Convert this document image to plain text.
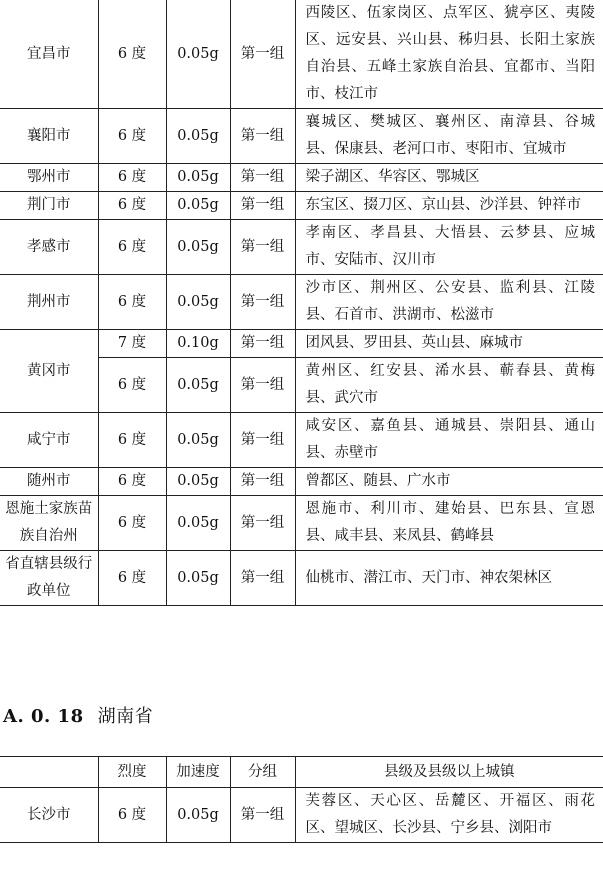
宜昌市	6 度	0.05g	第一组	西陵区、伍家岗区、点军区、猇亭区、夷陵区、远安县、兴山县、秭归县、长阳土家族自治县、五峰土家族自治县、宜都市、当阳市、枝江市
襄阳市	6 度	0.05g	第一组	襄城区、樊城区、襄州区、南漳县、谷城县、保康县、老河口市、枣阳市、宜城市
鄂州市	6 度	0.05g	第一组	梁子湖区、华容区、鄂城区
荆门市	6 度	0.05g	第一组	东宝区、掇刀区、京山县、沙洋县、钟祥市
孝感市	6 度	0.05g	第一组	孝南区、孝昌县、大悟县、云梦县、应城市、安陆市、汉川市
荆州市	6 度	0.05g	第一组	沙市区、荆州区、公安县、监利县、江陵县、石首市、洪湖市、松滋市
黄冈市	7 度	0.10g	第一组	团风县、罗田县、英山县、麻城市
	6 度	0.05g	第一组	黄州区、红安县、浠水县、蕲春县、黄梅县、武穴市
咸宁市	6 度	0.05g	第一组	咸安区、嘉鱼县、通城县、崇阳县、通山县、赤壁市
随州市	6 度	0.05g	第一组	曾都区、随县、广水市
恩施土家族苗族自治州	6 度	0.05g	第一组	恩施市、利川市、建始县、巴东县、宣恩县、咸丰县、来凤县、鹤峰县
省直辖县级行政单位	6 度	0.05g	第一组	仙桃市、潜江市、天门市、神农架林区
A. 0. 18 湖南省
	烈度	加速度	分组	县级及县级以上城镇
长沙市	6 度	0.05g	第一组	芙蓉区、天心区、岳麓区、开福区、雨花区、望城区、长沙县、宁乡县、浏阳市
